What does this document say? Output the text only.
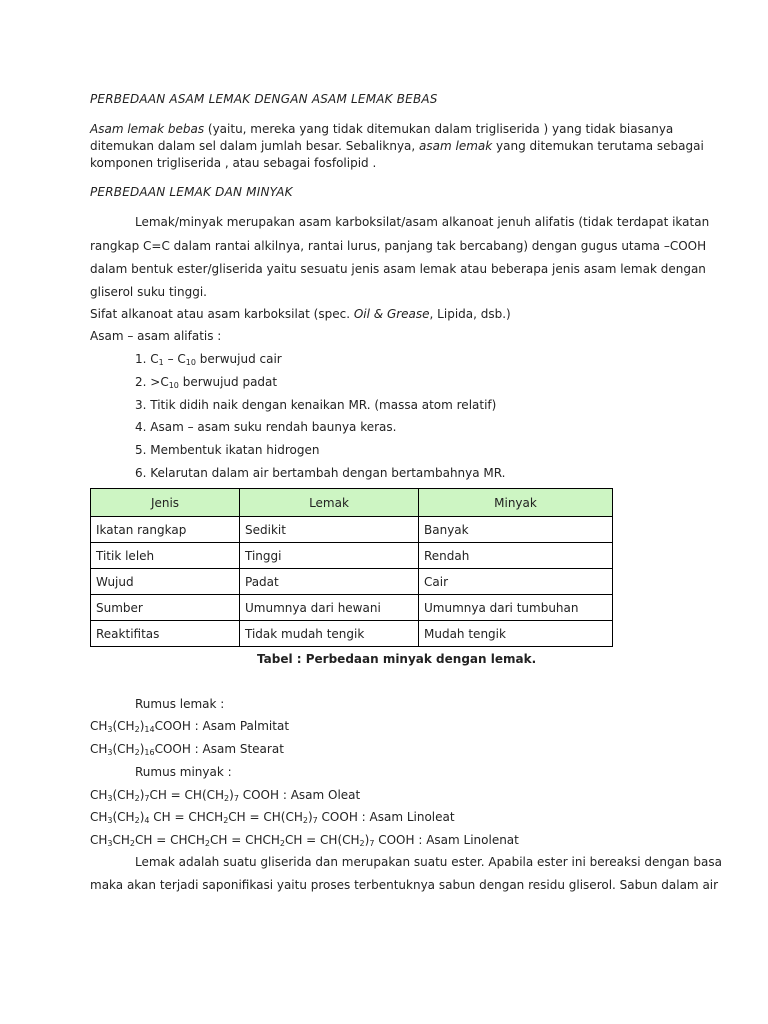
PERBEDAAN ASAM LEMAK DENGAN ASAM LEMAK BEBAS
Asam lemak bebas (yaitu, mereka yang tidak ditemukan dalam trigliserida ) yang tidak biasanya
ditemukan dalam sel dalam jumlah besar. Sebaliknya, asam lemak yang ditemukan terutama sebagai
komponen trigliserida , atau sebagai fosfolipid .
PERBEDAAN LEMAK DAN MINYAK
Lemak/minyak merupakan asam karboksilat/asam alkanoat jenuh alifatis (tidak terdapat ikatan
rangkap C=C dalam rantai alkilnya, rantai lurus, panjang tak bercabang) dengan gugus utama –COOH
dalam bentuk ester/gliserida yaitu sesuatu jenis asam lemak atau beberapa jenis asam lemak dengan
gliserol suku tinggi.
Sifat alkanoat atau asam karboksilat (spec. Oil & Grease, Lipida, dsb.)
Asam – asam alifatis :
1. $C_1 - C_{10}$ berwujud cair
2. $>C_{10}$ berwujud padat
3. Titik didih naik dengan kenaikan MR. (massa atom relatif)
4. Asam – asam suku rendah baunya keras.
5. Membentuk ikatan hidrogen
6. Kelarutan dalam air bertambah dengan bertambahnya MR.
Jenis	Lemak	Minyak
Ikatan rangkap	Sedikit	Banyak
Titik leleh	Tinggi	Rendah
Wujud	Padat	Cair
Sumber	Umumnya dari hewani	Umumnya dari tumbuhan
Reaktifitas	Tidak mudah tengik	Mudah tengik
Tabel : Perbedaan minyak dengan lemak.
Rumus lemak :
$CH_3(CH_2)_{14}COOH$ : Asam Palmitat
$CH_3(CH_2)_{16}COOH$ : Asam Stearat
Rumus minyak :
$CH_3(CH_2)_7CH = CH(CH_2)_7$ COOH : Asam Oleat
$CH_3(CH_2)_4$ CH = $CHCH_2CH = CH(CH_2)_7$ COOH : Asam Linoleat
$CH_3CH_2CH$ = $CHCH_2CH$ = $CHCH_2CH = CH(CH_2)_7$ COOH : Asam Linolenat
Lemak adalah suatu gliserida dan merupakan suatu ester. Apabila ester ini bereaksi dengan basa
maka akan terjadi saponifikasi yaitu proses terbentuknya sabun dengan residu gliserol. Sabun dalam air
